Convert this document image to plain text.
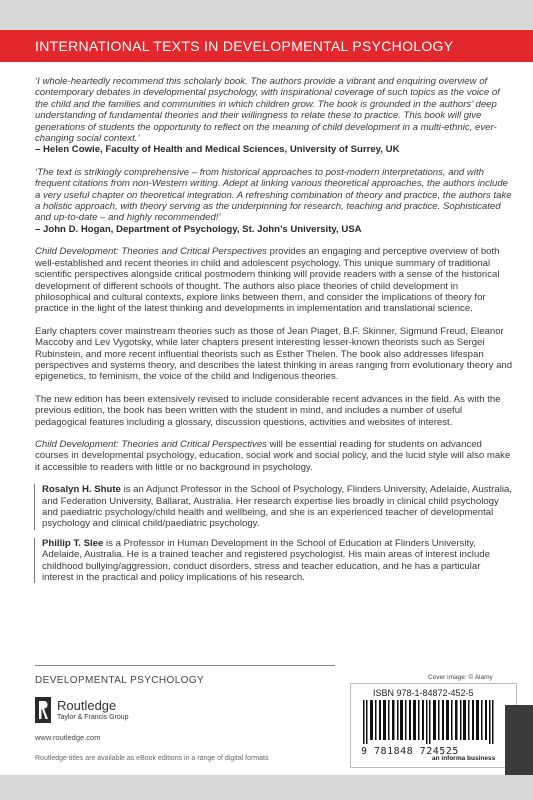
INTERNATIONAL TEXTS IN DEVELOPMENTAL PSYCHOLOGY

‘I whole-heartedly recommend this scholarly book. The authors provide a vibrant and enquiring overview of contemporary debates in developmental psychology, with inspirational coverage of such topics as the voice of the child and the families and communities in which children grow. The book is grounded in the authors’ deep understanding of fundamental theories and their willingness to relate these to practice. This book will give generations of students the opportunity to reflect on the meaning of child development in a multi-ethnic, ever-changing social context.’

– Helen Cowie, Faculty of Health and Medical Sciences, University of Surrey, UK

‘The text is strikingly comprehensive – from historical approaches to post-modern interpretations, and with frequent citations from non-Western writing. Adept at linking various theoretical approaches, the authors include a very useful chapter on theoretical integration. A refreshing combination of theory and practice, the authors take a holistic approach, with theory serving as the underpinning for research, teaching and practice. Sophisticated and up-to-date – and highly recommended!’

– John D. Hogan, Department of Psychology, St. John’s University, USA

Child Development: Theories and Critical Perspectives provides an engaging and perceptive overview of both well-established and recent theories in child and adolescent psychology. This unique summary of traditional scientific perspectives alongside critical postmodern thinking will provide readers with a sense of the historical development of different schools of thought. The authors also place theories of child development in philosophical and cultural contexts, explore links between them, and consider the implications of theory for practice in the light of the latest thinking and developments in implementation and translational science.

Early chapters cover mainstream theories such as those of Jean Piaget, B.F. Skinner, Sigmund Freud, Eleanor Maccoby and Lev Vygotsky, while later chapters present interesting lesser-known theorists such as Sergei Rubinstein, and more recent influential theorists such as Esther Thelen. The book also addresses lifespan perspectives and systems theory, and describes the latest thinking in areas ranging from evolutionary theory and epigenetics, to feminism, the voice of the child and Indigenous theories.

The new edition has been extensively revised to include considerable recent advances in the field. As with the previous edition, the book has been written with the student in mind, and includes a number of useful pedagogical features including a glossary, discussion questions, activities and websites of interest.

Child Development: Theories and Critical Perspectives will be essential reading for students on advanced courses in developmental psychology, education, social work and social policy, and the lucid style will also make it accessible to readers with little or no background in psychology.

Rosalyn H. Shute is an Adjunct Professor in the School of Psychology, Flinders University, Adelaide, Australia, and Federation University, Ballarat, Australia. Her research expertise lies broadly in clinical child psychology and paediatric psychology/child health and wellbeing, and she is an experienced teacher of developmental psychology and clinical child/paediatric psychology.

Phillip T. Slee is a Professor in Human Development in the School of Education at Flinders University, Adelaide, Australia. He is a trained teacher and registered psychologist. His main areas of interest include childhood bullying/aggression, conduct disorders, stress and teacher education, and he has a particular interest in the practical and policy implications of his research.

DEVELOPMENTAL PSYCHOLOGY
Routledge
Taylor & Francis Group
www.routledge.com
Routledge titles are available as eBook editions in a range of digital formats
Cover image: © Alamy
ISBN 978-1-84872-452-5
9 781848 724525
an informa business
